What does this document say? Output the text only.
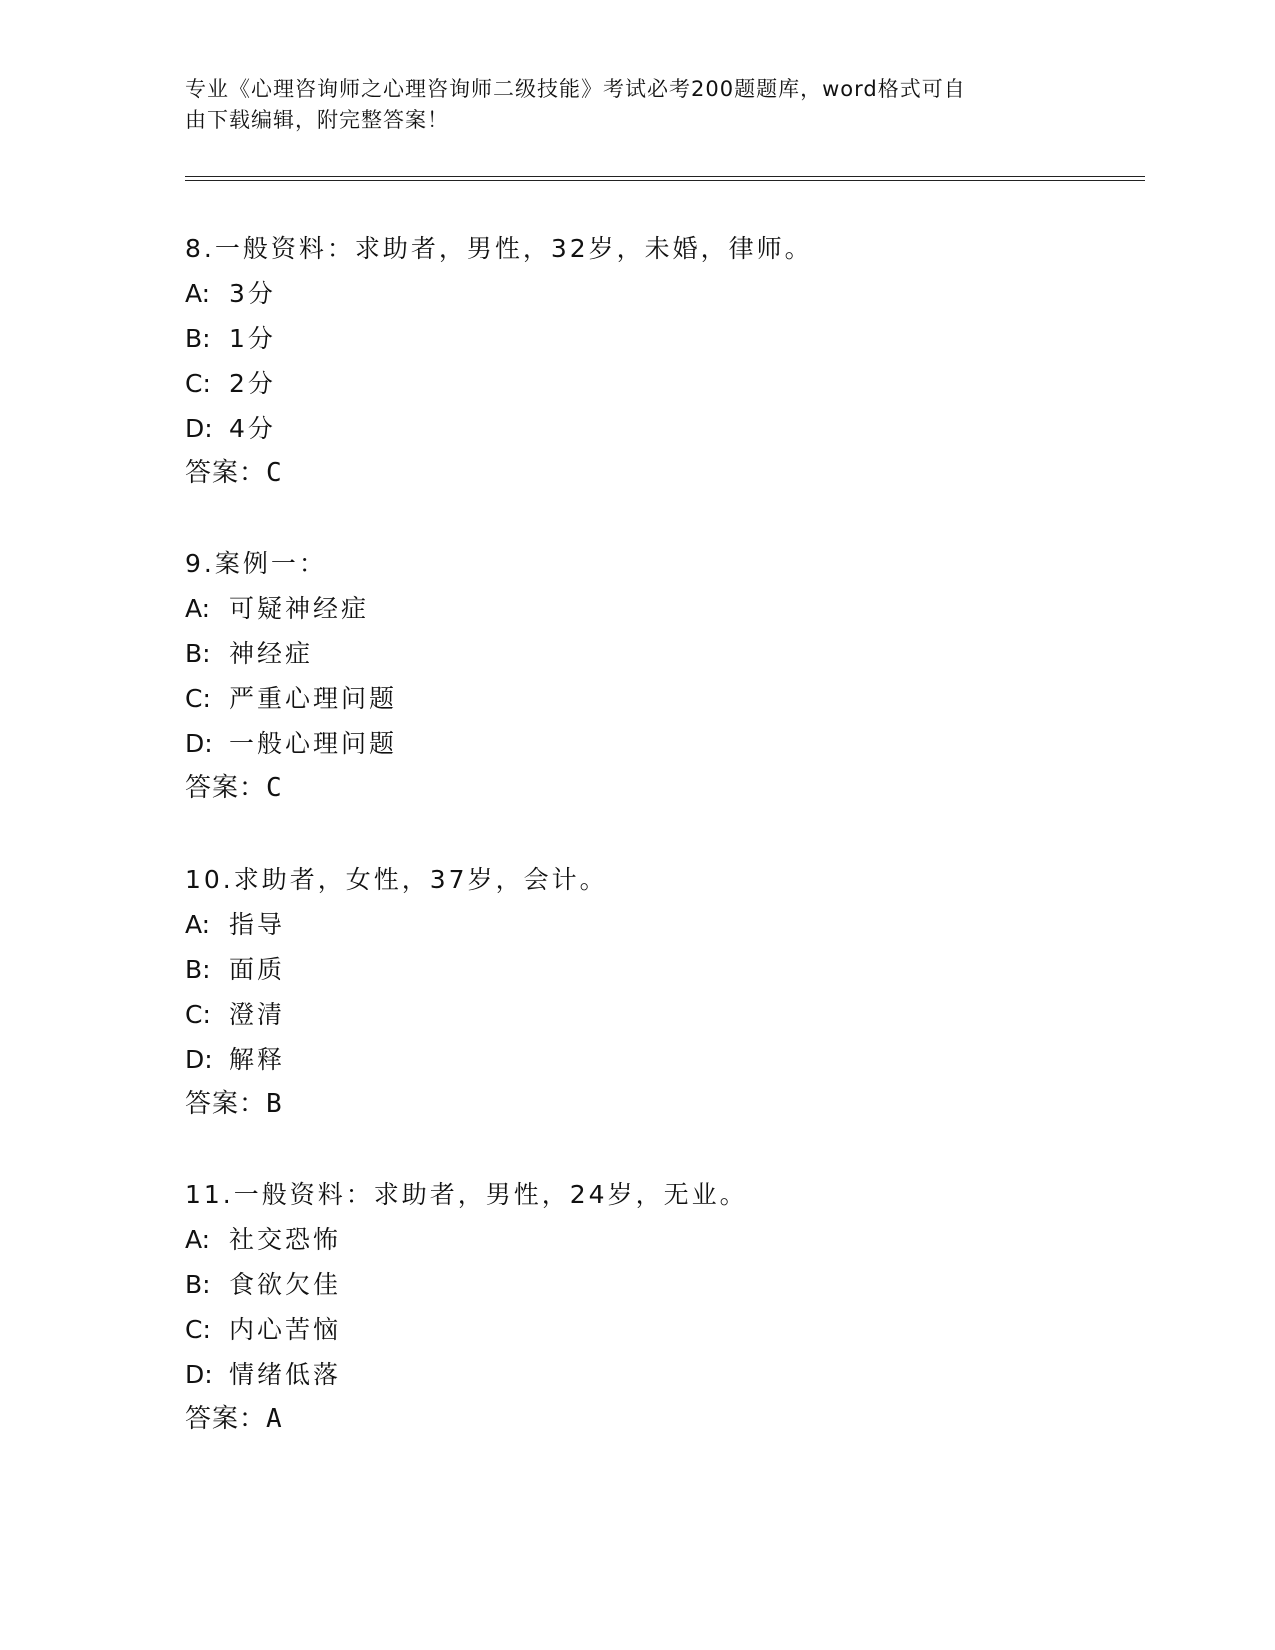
专业《心理咨询师之心理咨询师二级技能》考试必考200题题库，word格式可自

由下载编辑，附完整答案！

8.一般资料：求助者，男性，32岁，未婚，律师。
A: 3分
B: 1分
C: 2分
D: 4分
答案：C
9.案例一：
A: 可疑神经症
B: 神经症
C: 严重心理问题
D: 一般心理问题
答案：C
10.求助者，女性，37岁，会计。
A: 指导
B: 面质
C: 澄清
D: 解释
答案：B
11.一般资料：求助者，男性，24岁，无业。
A: 社交恐怖
B: 食欲欠佳
C: 内心苦恼
D: 情绪低落
答案：A
